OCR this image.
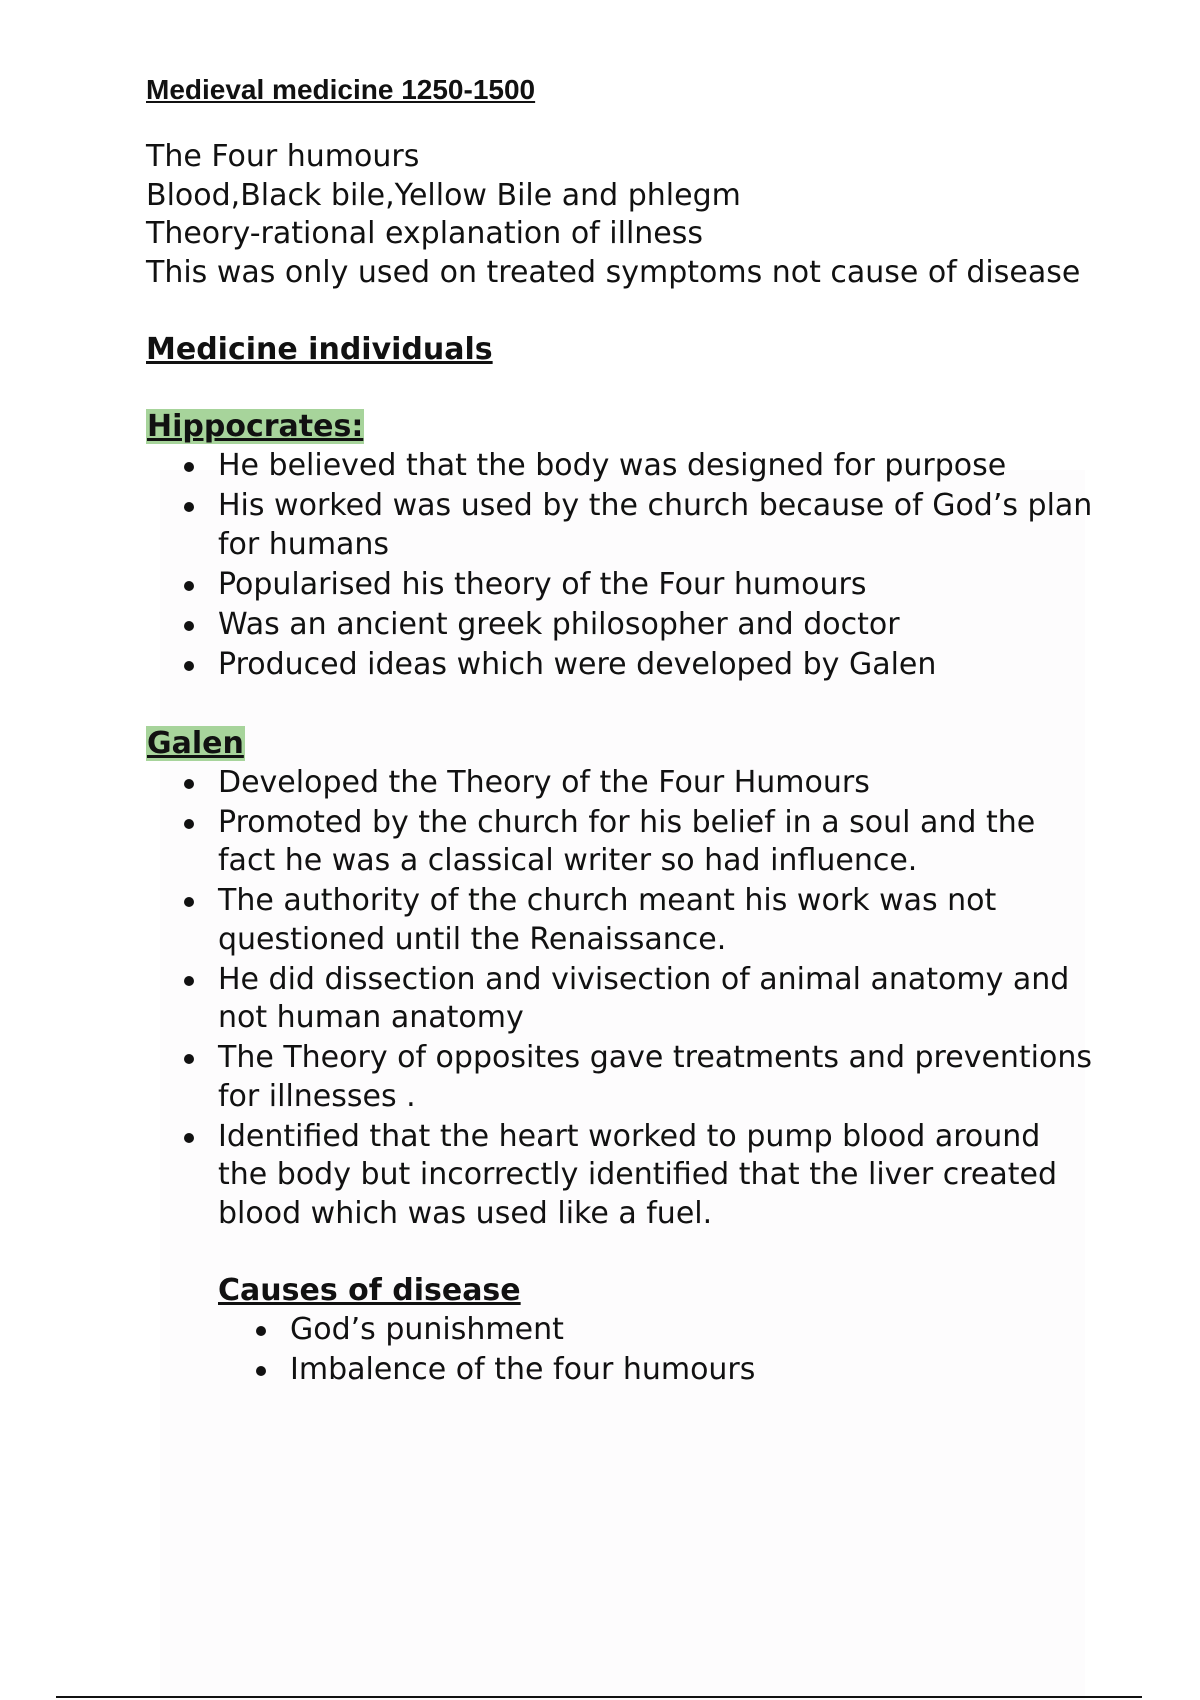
Medieval medicine 1250-1500

The Four humours

Blood,Black bile,Yellow Bile and phlegm

Theory-rational explanation of illness

This was only used on treated symptoms not cause of disease

Medicine individuals
Hippocrates:
He believed that the body was designed for purpose
His worked was used by the church because of God’s plan for humans
Popularised his theory of the Four humours
Was an ancient greek philosopher and doctor
Produced ideas which were developed by Galen
Galen
Developed the Theory of the Four Humours
Promoted by the church for his belief in a soul and the fact he was a classical writer so had influence.
The authority of the church meant his work was not questioned until the Renaissance.
He did dissection and vivisection of animal anatomy and not human anatomy
The Theory of opposites gave treatments and preventions for illnesses .
Identified that the heart worked to pump blood around the body but incorrectly identified that the liver created blood which was used like a fuel.
Causes of disease
God’s punishment
Imbalence of the four humours
